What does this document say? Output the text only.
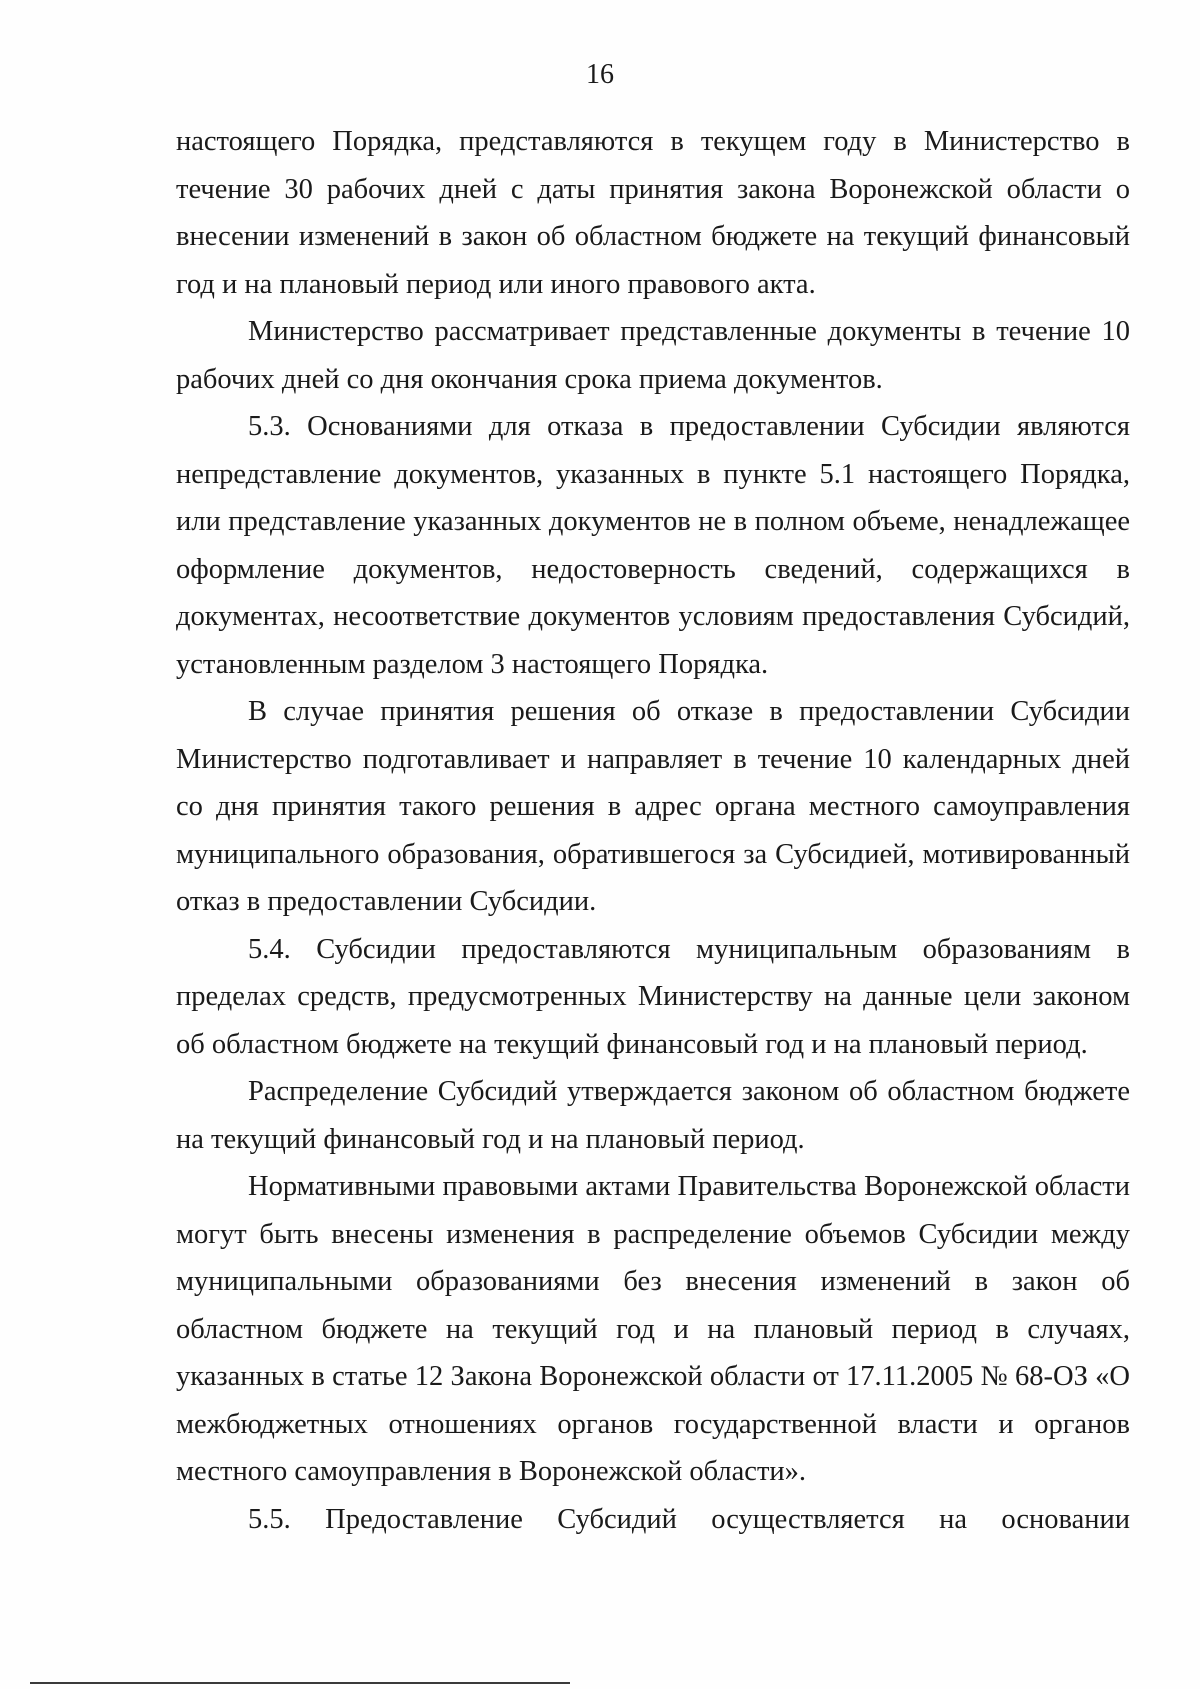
16

настоящего Порядка, представляются в текущем году в Министерство в течение 30 рабочих дней с даты принятия закона Воронежской области о внесении изменений в закон об областном бюджете на текущий финансовый год и на плановый период или иного правового акта.

Министерство рассматривает представленные документы в течение 10 рабочих дней со дня окончания срока приема документов.

5.3. Основаниями для отказа в предоставлении Субсидии являются непредставление документов, указанных в пункте 5.1 настоящего Порядка, или представление указанных документов не в полном объеме, ненадлежащее оформление документов, недостоверность сведений, содержащихся в документах, несоответствие документов условиям предоставления Субсидий, установленным разделом 3 настоящего Порядка.

В случае принятия решения об отказе в предоставлении Субсидии Министерство подготавливает и направляет в течение 10 календарных дней со дня принятия такого решения в адрес органа местного самоуправления муниципального образования, обратившегося за Субсидией, мотивированный отказ в предоставлении Субсидии.

5.4. Субсидии предоставляются муниципальным образованиям в пределах средств, предусмотренных Министерству на данные цели законом об областном бюджете на текущий финансовый год и на плановый период.

Распределение Субсидий утверждается законом об областном бюджете на текущий финансовый год и на плановый период.

Нормативными правовыми актами Правительства Воронежской области могут быть внесены изменения в распределение объемов Субсидии между муниципальными образованиями без внесения изменений в закон об областном бюджете на текущий год и на плановый период в случаях, указанных в статье 12 Закона Воронежской области от 17.11.2005 № 68-ОЗ «О межбюджетных отношениях органов государственной власти и органов местного самоуправления в Воронежской области».

5.5. Предоставление Субсидий осуществляется на основании
